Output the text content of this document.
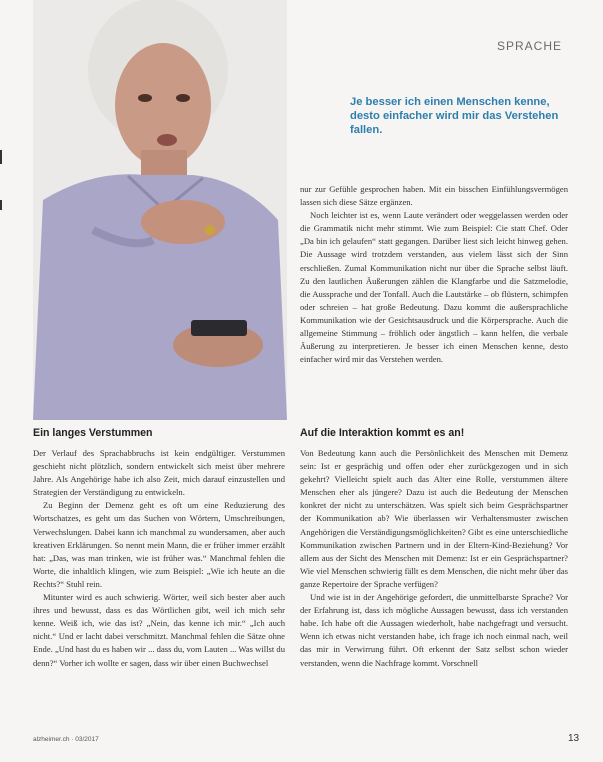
SPRACHE
Je besser ich einen Menschen kenne, desto einfacher wird mir das Verstehen fallen.

nur zur Gefühle gesprochen haben. Mit ein bisschen Einfühlungsvermögen lassen sich diese Sätze ergänzen.

Noch leichter ist es, wenn Laute verändert oder weggelassen werden oder die Grammatik nicht mehr stimmt. Wie zum Beispiel: Cie statt Chef. Oder „Da bin ich gelaufen“ statt gegangen. Darüber liest sich leicht hinweg gehen. Die Aussage wird trotzdem verstanden, aus vielem lässt sich der Sinn erschließen. Zumal Kommunikation nicht nur über die Sprache selbst läuft. Zu den lautlichen Äußerungen zählen die Klangfarbe und die Satzmelodie, die Aussprache und der Tonfall. Auch die Lautstärke – ob flüstern, schimpfen oder schreien – hat große Bedeutung. Dazu kommt die außersprachliche Kommunikation wie der Gesichtsausdruck und die Körpersprache. Auch die allgemeine Stimmung – fröhlich oder ängstlich – kann helfen, die verbale Äußerung zu interpretieren. Je besser ich einen Menschen kenne, desto einfacher wird mir das Verstehen werden.

Ein langes Verstummen

Der Verlauf des Sprachabbruchs ist kein endgültiger. Verstummen geschieht nicht plötzlich, sondern entwickelt sich meist über mehrere Jahre. Als Angehörige habe ich also Zeit, mich darauf einzustellen und Strategien der Verständigung zu entwickeln.

Zu Beginn der Demenz geht es oft um eine Reduzierung des Wortschatzes, es geht um das Suchen von Wörtern, Umschreibungen, Verwechslungen. Dabei kann ich manchmal zu wundersamen, aber auch kreativen Erklärungen. So nennt mein Mann, die er früher immer erzählt hat: „Das, was man trinken, wie ist früher was.“ Manchmal fehlen die Worte, die inhaltlich klingen, wie zum Beispiel: „Wie ich heute an die Rechts?“ Stuhl rein.

Mitunter wird es auch schwierig. Wörter, weil sich bester aber auch ihres und bewusst, dass es das Wörtlichen gibt, weil ich mich sehr kenne. Weiß ich, wie das ist? „Nein, das kenne ich mir.“ „Ich auch nicht.“ Und er lacht dabei verschmitzt. Manchmal fehlen die Sätze ohne Ende. „Und hast du es haben wir ... dass du, vom Lauten ... Was willst du denn?“ Vorher ich wollte er sagen, dass wir über einen Buchwechsel

Auf die Interaktion kommt es an!

Von Bedeutung kann auch die Persönlichkeit des Menschen mit Demenz sein: Ist er gesprächig und offen oder eher zurückgezogen und in sich gekehrt? Vielleicht spielt auch das Alter eine Rolle, verstummen ältere Menschen eher als jüngere? Dazu ist auch die Bedeutung der Menschen konkret der nicht zu unterschätzen. Was spielt sich beim Gesprächspartner der Kommunikation ab? Wie überlassen wir Verhaltensmuster zwischen Angehörigen die Verständigungsmöglichkeiten? Gibt es eine unterschiedliche Kommunikation zwischen Partnern und in der Eltern-Kind-Beziehung? Vor allem aus der Sicht des Menschen mit Demenz: Ist er ein Gesprächspartner? Wie viel Menschen schwierig fällt es dem Menschen, die nicht mehr über das ganze Repertoire der Sprache verfügen?

Und wie ist in der Angehörige gefordert, die unmittelbarste Sprache? Vor der Erfahrung ist, dass ich mögliche Aussagen bewusst, dass ich verstanden habe. Ich habe oft die Aussagen wiederholt, habe nachgefragt und versucht. Wenn ich etwas nicht verstanden habe, ich frage ich noch einmal nach, weil das mir in Verwirrung führt. Oft erkennt der Satz selbst schon wieder verstanden, wenn die Nachfrage kommt. Vorschnell

alzheimer.ch · 03/2017	13
